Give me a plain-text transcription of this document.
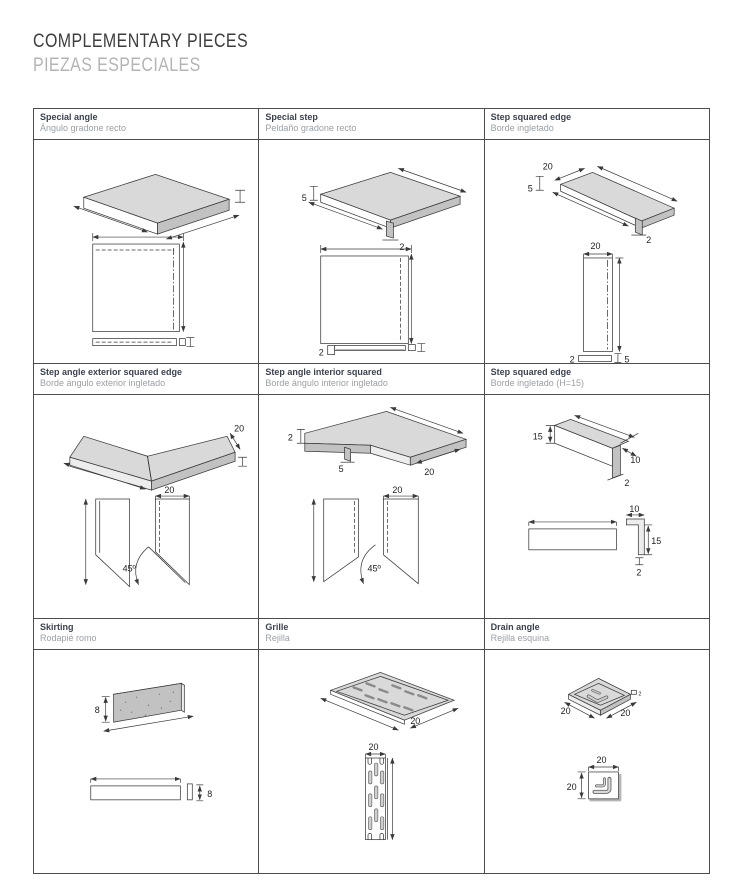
COMPLEMENTARY PIECES

PIEZAS ESPECIALES

Special angle
Ángulo gradone recto
Special step
Peldaño gradone recto
Step squared edge
Borde ingletado
5
2
2
20
5
2
20
2	5
Step angle exterior squared edge
Borde ángulo exterior ingletado
Step angle interior squared
Borde ángulo interior ingletado
Step squared edge
Borde ingletado (H=15)
20
20
45º
5
2
20
20
45º
2
10
15
10
15
2
Skirting
Rodapié romo
Grille
Rejilla
Drain angle
Rejilla esquina
8
8
20
20
2
20	20
20
20
